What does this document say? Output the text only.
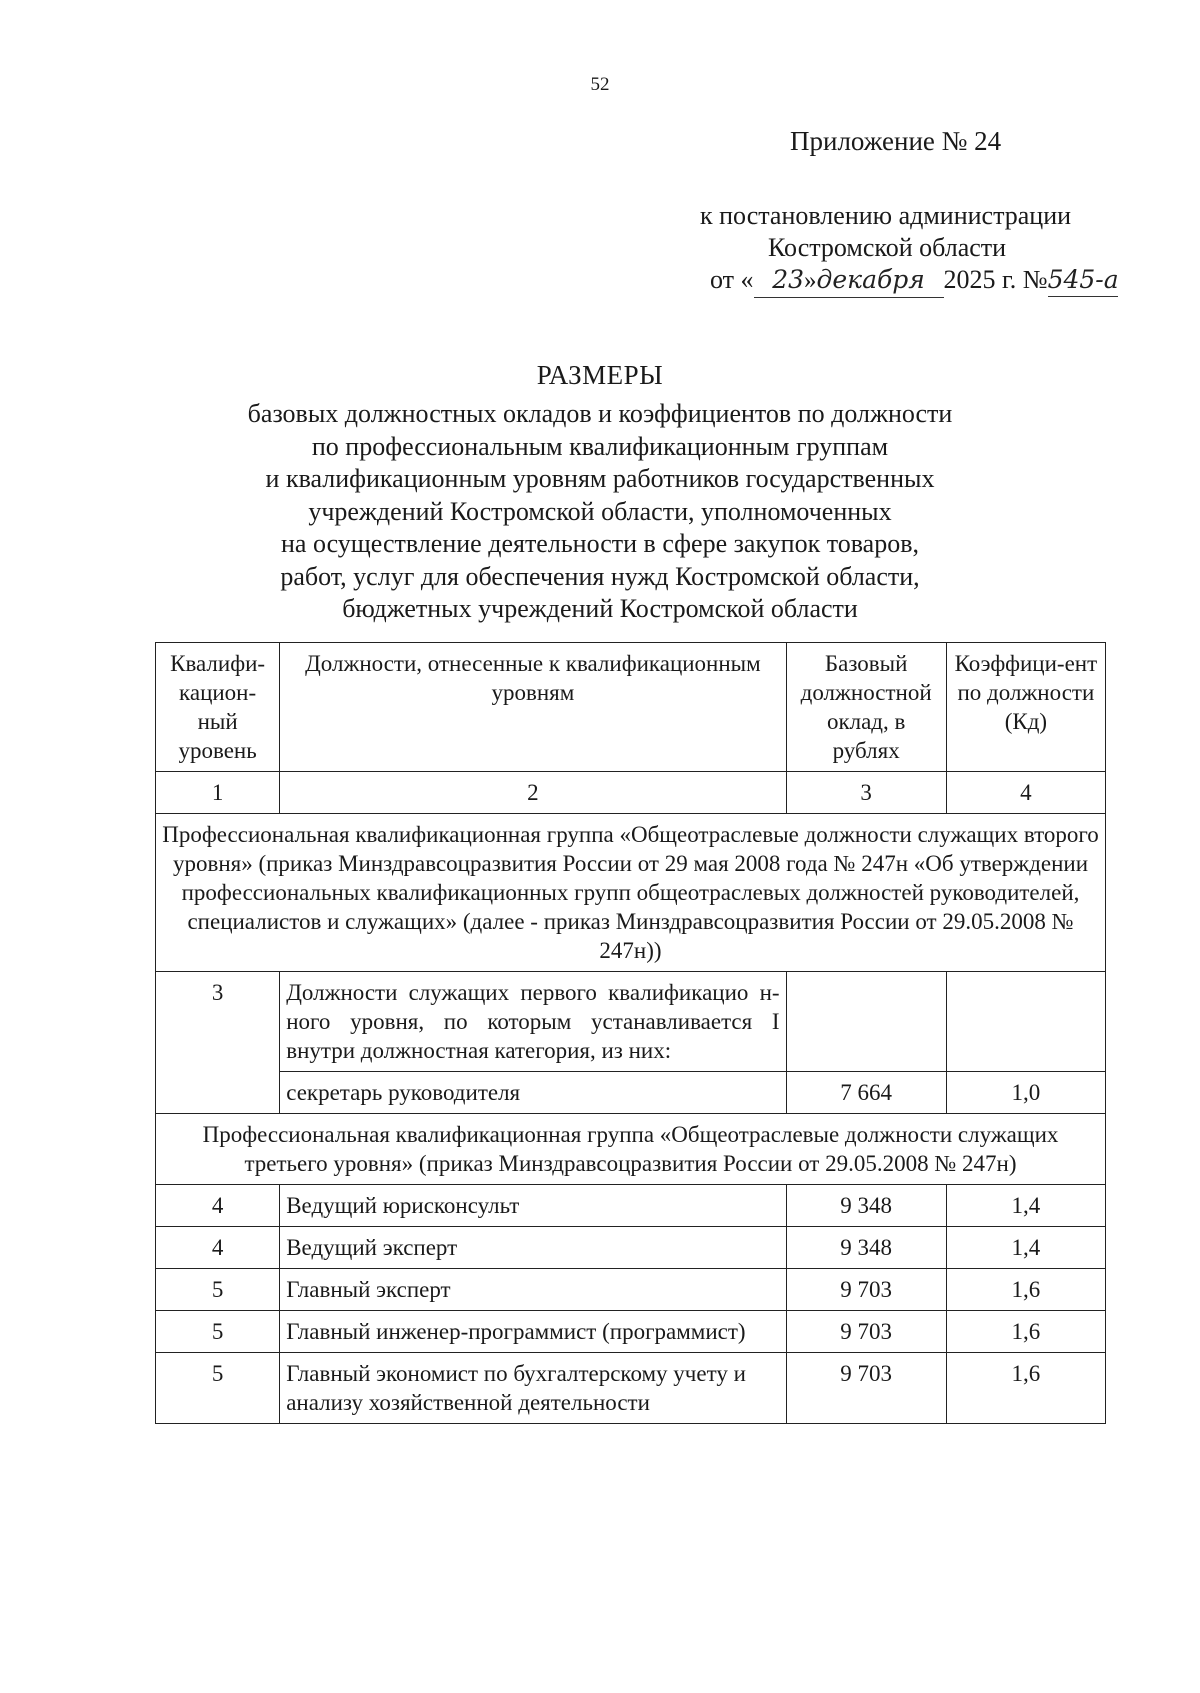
52
Приложение № 24
к постановлению администрации
Костромской области
от « 23»декабря 2025 г. №545-а
РАЗМЕРЫ
базовых должностных окладов и коэффициентов по должности
по профессиональным квалификационным группам
и квалификационным уровням работников государственных
учреждений Костромской области, уполномоченных
на осуществление деятельности в сфере закупок товаров,
работ, услуг для обеспечения нужд Костромской области,
бюджетных учреждений Костромской области
Квалифи-кацион-ный уровень	Должности, отнесенные к квалификационным уровням	Базовый должностной оклад, в рублях	Коэффици-ент по должности (Кд)
1	2	3	4
Профессиональная квалификационная группа «Общеотраслевые должности служащих второго уровня» (приказ Минздравсоцразвития России от 29 мая 2008 года № 247н «Об утверждении профессиональных квалификационных групп общеотраслевых должностей руководителей, специалистов и служащих» (далее - приказ Минздравсоцразвития России от 29.05.2008 № 247н))			
3	Должности служащих первого квалификацио н-ного уровня, по которым устанавливается I внутри должностная категория, из них:		
	секретарь руководителя	7 664	1,0
Профессиональная квалификационная группа «Общеотраслевые должности служащих третьего уровня» (приказ Минздравсоцразвития России от 29.05.2008 № 247н)			
4	Ведущий юрисконсульт	9 348	1,4
4	Ведущий эксперт	9 348	1,4
5	Главный эксперт	9 703	1,6
5	Главный инженер-программист (программист)	9 703	1,6
5	Главный экономист по бухгалтерскому учету и анализу хозяйственной деятельности	9 703	1,6
